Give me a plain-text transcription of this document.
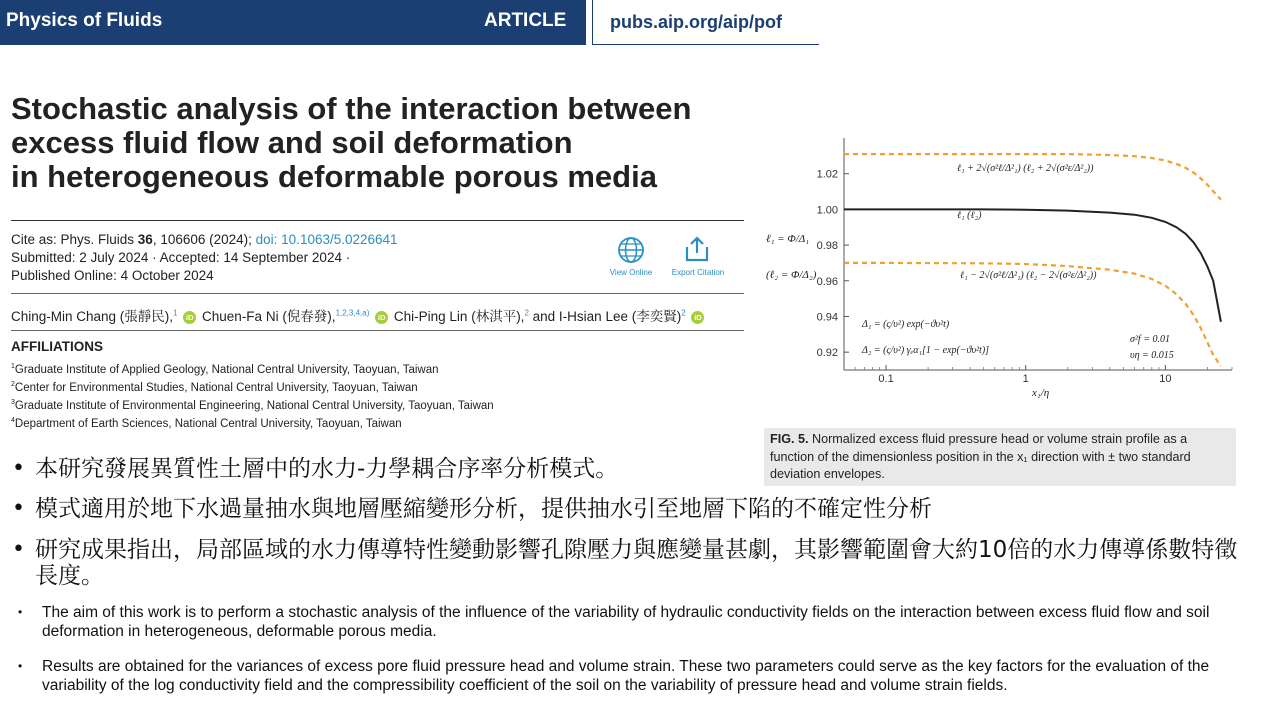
Physics of Fluids	ARTICLE pubs.aip.org/aip/pof
Stochastic analysis of the interaction between
excess fluid flow and soil deformation
in heterogeneous deformable porous media
Cite as: Phys. Fluids 36, 106606 (2024); doi: 10.1063/5.0226641
Submitted: 2 July 2024 · Accepted: 14 September 2024 ·
Published Online: 4 October 2024	View Online	Export Citation
Ching-Min Chang (張靜民),$^1$ iD Chuen-Fa Ni (倪春發),$^{1,2,3,4,a)}$ iD Chi-Ping Lin (林淇平),$^2$ and I-Hsian Lee (李奕賢)$^2$ iD
AFFILIATIONS
$^1$Graduate Institute of Applied Geology, National Central University, Taoyuan, Taiwan
$^2$Center for Environmental Studies, National Central University, Taoyuan, Taiwan
$^3$Graduate Institute of Environmental Engineering, National Central University, Taoyuan, Taiwan
$^4$Department of Earth Sciences, National Central University, Taoyuan, Taiwan
0.92
0.94
0.96
0.98
1.00
1.02
0.1	1	10
ℓ₁ = Φ/Δ₁
(ℓ₂ = Φ/Δ₂)
ℓ₁ + 2√(σ²ℓ/Δ²₁) (ℓ₂ + 2√(σ²ε/Δ²₂))
ℓ₁ (ℓ₂)
ℓ₁ − 2√(σ²ℓ/Δ²₁) (ℓ₂ − 2√(σ²ε/Δ²₂))
Δ₁ = (ς/υ²) exp(−ϑυ²t)
Δ₂ = (ς/υ²) γₑα₁[1 − exp(−ϑυ²t)]
σ²f = 0.01
υη = 0.015
x₁/η
FIG. 5. Normalized excess fluid pressure head or volume strain profile as a function of the dimensionless position in the x₁ direction with ± two standard deviation envelopes.
• 本研究發展異質性土層中的水力-力學耦合序率分析模式。
• 模式適用於地下水過量抽水與地層壓縮變形分析，提供抽水引至地層下陷的不確定性分析
• 研究成果指出，局部區域的水力傳導特性變動影響孔隙壓力與應變量甚劇，其影響範圍會大約10倍的水力傳導係數特徵長度。
• The aim of this work is to perform a stochastic analysis of the influence of the variability of hydraulic conductivity fields on the interaction between excess fluid flow and soil deformation in heterogeneous, deformable porous media.
• Results are obtained for the variances of excess pore fluid pressure head and volume strain. These two parameters could serve as the key factors for the evaluation of the variability of the log conductivity field and the compressibility coefficient of the soil on the variability of pressure head and volume strain fields.
